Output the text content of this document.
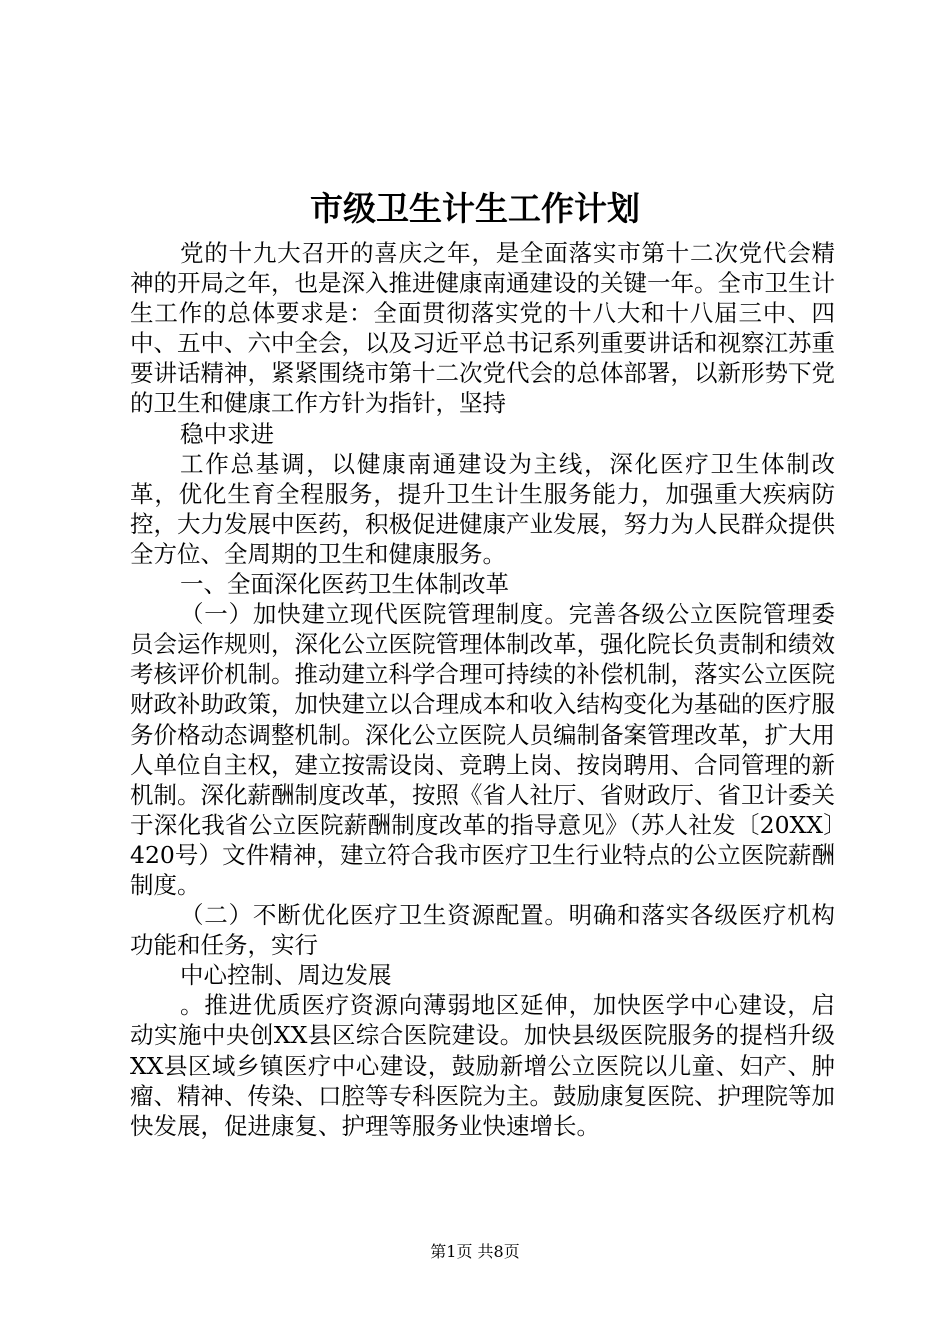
市级卫生计生工作计划

党的十九大召开的喜庆之年，是全面落实市第十二次党代会精神的开局之年，也是深入推进健康南通建设的关键一年。全市卫生计生工作的总体要求是：全面贯彻落实党的十八大和十八届三中、四中、五中、六中全会，以及习近平总书记系列重要讲话和视察江苏重要讲话精神，紧紧围绕市第十二次党代会的总体部署，以新形势下党的卫生和健康工作方针为指针，坚持

稳中求进

工作总基调，以健康南通建设为主线，深化医疗卫生体制改革，优化生育全程服务，提升卫生计生服务能力，加强重大疾病防控，大力发展中医药，积极促进健康产业发展，努力为人民群众提供全方位、全周期的卫生和健康服务。

一、全面深化医药卫生体制改革

（一）加快建立现代医院管理制度。完善各级公立医院管理委员会运作规则，深化公立医院管理体制改革，强化院长负责制和绩效考核评价机制。推动建立科学合理可持续的补偿机制，落实公立医院财政补助政策，加快建立以合理成本和收入结构变化为基础的医疗服务价格动态调整机制。深化公立医院人员编制备案管理改革，扩大用人单位自主权，建立按需设岗、竞聘上岗、按岗聘用、合同管理的新机制。深化薪酬制度改革，按照《省人社厅、省财政厅、省卫计委关于深化我省公立医院薪酬制度改革的指导意见》（苏人社发〔20XX〕420号）文件精神，建立符合我市医疗卫生行业特点的公立医院薪酬制度。

（二）不断优化医疗卫生资源配置。明确和落实各级医疗机构功能和任务，实行

中心控制、周边发展

。推进优质医疗资源向薄弱地区延伸，加快医学中心建设，启动实施中央创XX县区综合医院建设。加快县级医院服务的提档升级XX县区域乡镇医疗中心建设，鼓励新增公立医院以儿童、妇产、肿瘤、精神、传染、口腔等专科医院为主。鼓励康复医院、护理院等加快发展，促进康复、护理等服务业快速增长。

第1页 共8页
